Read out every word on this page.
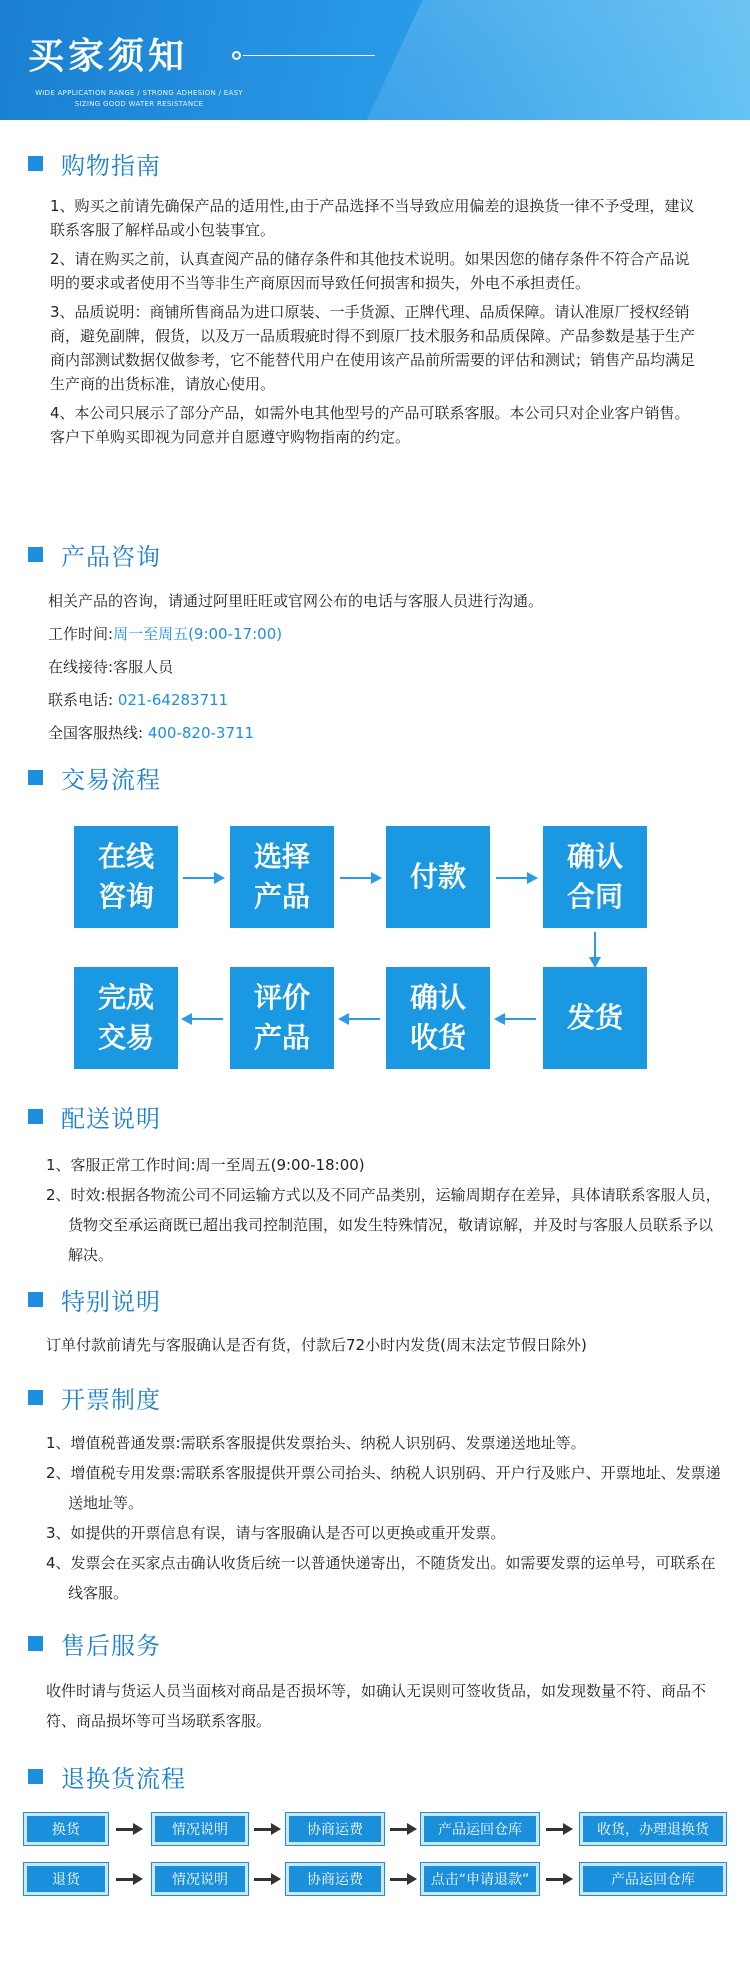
买家须知
WIDE APPLICATION RANGE / STRONG ADHESION / EASY SIZING GOOD WATER RESISTANCE
购物指南

1、购买之前请先确保产品的适用性,由于产品选择不当导致应用偏差的退换货一律不予受理，建议联系客服了解样品或小包装事宜。

2、请在购买之前，认真查阅产品的储存条件和其他技术说明。如果因您的储存条件不符合产品说明的要求或者使用不当等非生产商原因而导致任何损害和损失，外电不承担责任。

3、品质说明：商铺所售商品为进口原装、一手货源、正牌代理、品质保障。请认准原厂授权经销商，避免副牌，假货，以及万一品质瑕疵时得不到原厂技术服务和品质保障。产品参数是基于生产商内部测试数据仅做参考，它不能替代用户在使用该产品前所需要的评估和测试；销售产品均满足生产商的出货标准，请放心使用。

4、本公司只展示了部分产品，如需外电其他型号的产品可联系客服。本公司只对企业客户销售。客户下单购买即视为同意并自愿遵守购物指南的约定。

产品咨询

相关产品的咨询，请通过阿里旺旺或官网公布的电话与客服人员进行沟通。

工作时间:周一至周五(9:00-17:00)

在线接待:客服人员

联系电话: 021-64283711

全国客服热线: 400-820-3711

交易流程
在线咨询
选择产品
付款
确认合同
完成交易
评价产品
确认收货
发货
配送说明

1、客服正常工作时间:周一至周五(9:00-18:00)

2、时效:根据各物流公司不同运输方式以及不同产品类别，运输周期存在差异，具体请联系客服人员，货物交至承运商既已超出我司控制范围，如发生特殊情况，敬请谅解，并及时与客服人员联系予以解决。

特别说明

订单付款前请先与客服确认是否有货，付款后72小时内发货(周末法定节假日除外)

开票制度

1、增值税普通发票:需联系客服提供发票抬头、纳税人识别码、发票递送地址等。

2、增值税专用发票:需联系客服提供开票公司抬头、纳税人识别码、开户行及账户、开票地址、发票递送地址等。

3、如提供的开票信息有误，请与客服确认是否可以更换或重开发票。

4、发票会在买家点击确认收货后统一以普通快递寄出，不随货发出。如需要发票的运单号，可联系在线客服。

售后服务

收件时请与货运人员当面核对商品是否损坏等，如确认无误则可签收货品，如发现数量不符、商品不符、商品损坏等可当场联系客服。

退换货流程
换货	情况说明	协商运费	产品运回仓库	收货，办理退换货
退货	情况说明	协商运费	点击“申请退款”	产品运回仓库
